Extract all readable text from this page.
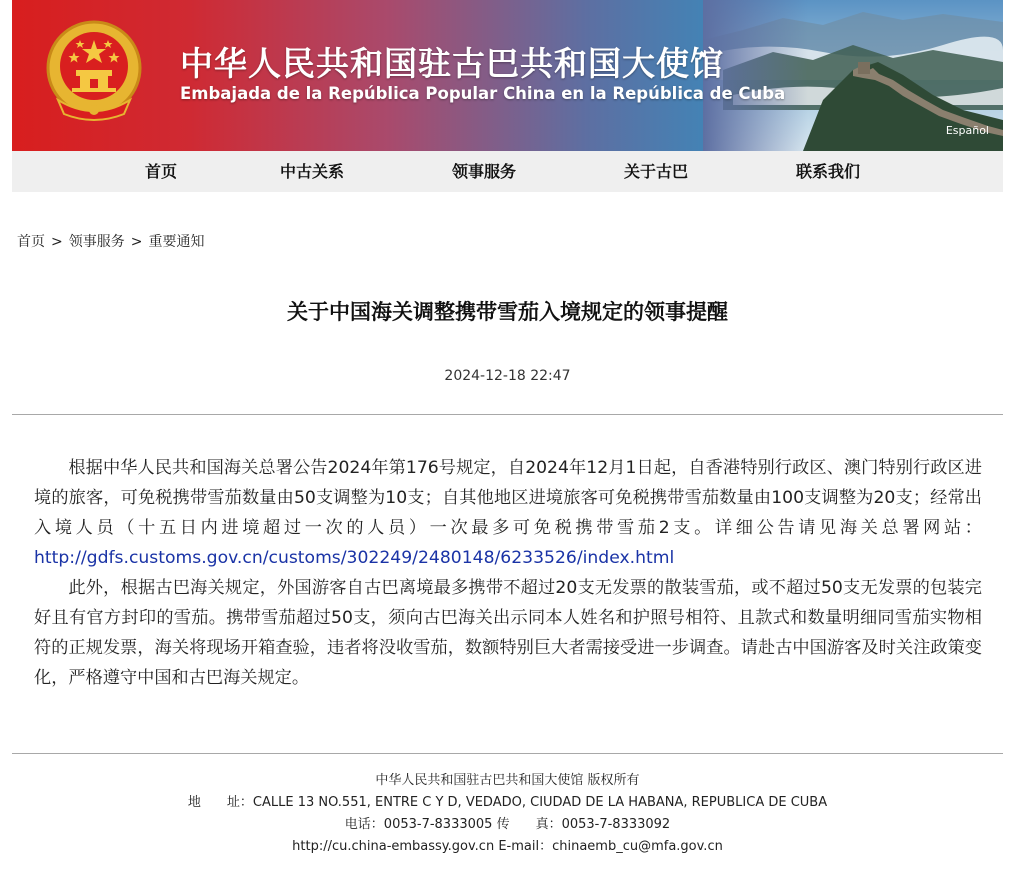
中华人民共和国驻古巴共和国大使馆
Embajada de la República Popular China en la República de Cuba
Español
首页	中古关系	领事服务	关于古巴	联系我们
首页 > 领事服务 > 重要通知
关于中国海关调整携带雪茄入境规定的领事提醒
2024-12-18 22:47

根据中华人民共和国海关总署公告2024年第176号规定，自2024年12月1日起，自香港特别行政区、澳门特别行政区进境的旅客，可免税携带雪茄数量由50支调整为10支；自其他地区进境旅客可免税携带雪茄数量由100支调整为20支；经常出入境人员（十五日内进境超过一次的人员）一次最多可免税携带雪茄2支。详细公告请见海关总署网站：http://gdfs.customs.gov.cn/customs/302249/2480148/6233526/index.html

此外，根据古巴海关规定，外国游客自古巴离境最多携带不超过20支无发票的散装雪茄，或不超过50支无发票的包装完好且有官方封印的雪茄。携带雪茄超过50支，须向古巴海关出示同本人姓名和护照号相符、且款式和数量明细同雪茄实物相符的正规发票，海关将现场开箱查验，违者将没收雪茄，数额特别巨大者需接受进一步调查。请赴古中国游客及时关注政策变化，严格遵守中国和古巴海关规定。

中华人民共和国驻古巴共和国大使馆 版权所有
地　　址：CALLE 13 NO.551, ENTRE C Y D, VEDADO, CIUDAD DE LA HABANA, REPUBLICA DE CUBA
电话：0053-7-8333005 传　　真：0053-7-8333092
http://cu.china-embassy.gov.cn E-mail：chinaemb_cu@mfa.gov.cn
